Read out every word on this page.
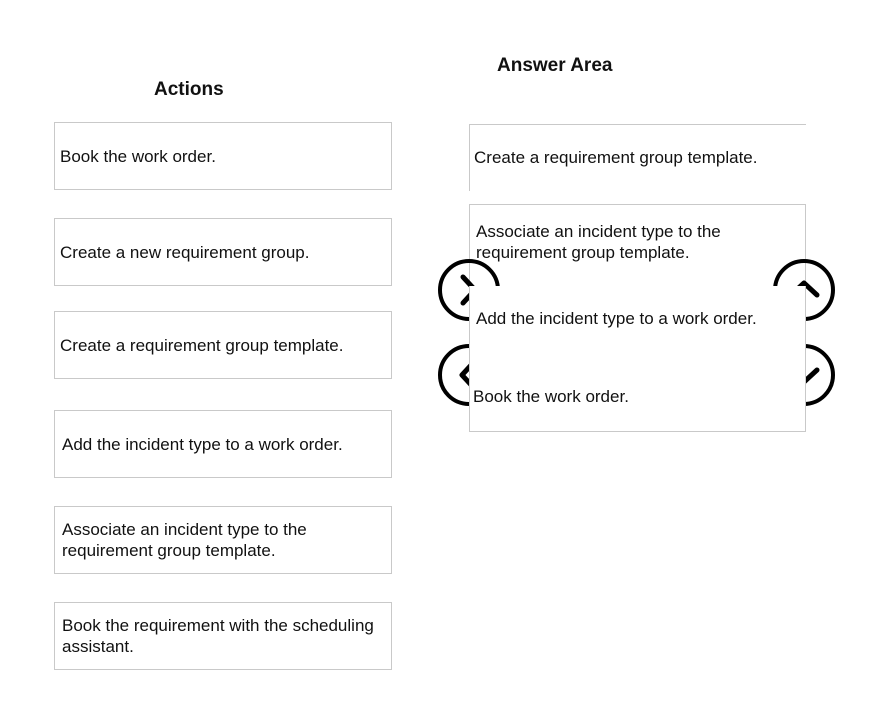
Actions
Answer Area
Book the work order.
Create a new requirement group.
Create a requirement group template.
Add the incident type to a work order.
Associate an incident type to the requirement group template.
Book the requirement with the scheduling assistant.
Create a requirement group template.
Associate an incident type to the requirement group template.
Add the incident type to a work order.
Book the work order.
